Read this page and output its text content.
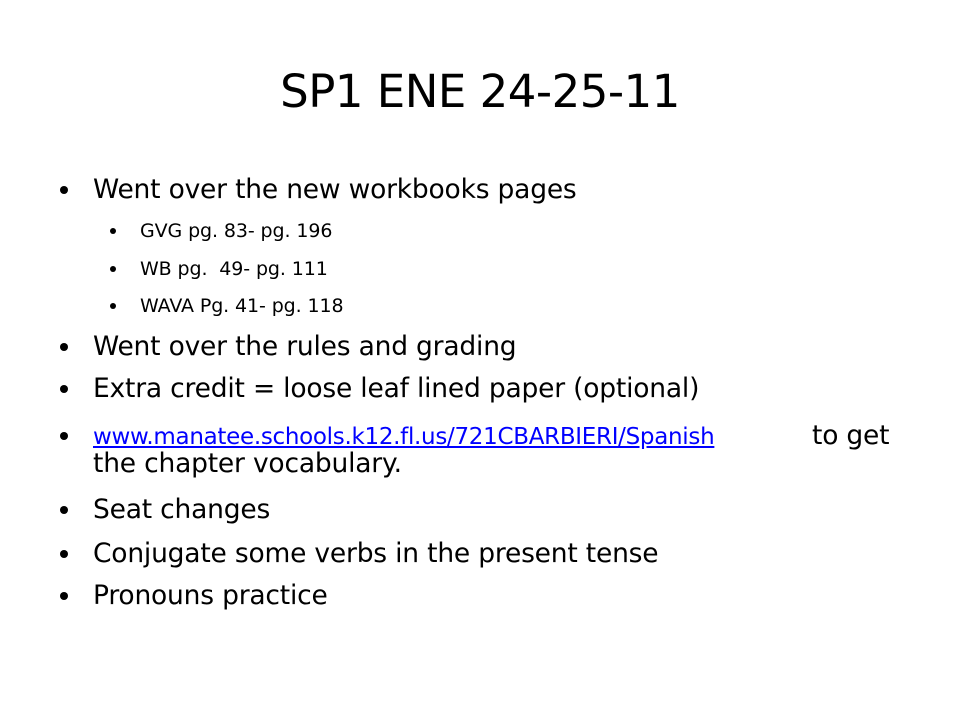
SP1 ENE 24-25-11
Went over the new workbooks pages
GVG pg. 83- pg. 196
WB pg.  49- pg. 111
WAVA Pg. 41- pg. 118
Went over the rules and grading
Extra credit = loose leaf lined paper (optional)
www.manatee.schools.k12.fl.us/721CBARBIERI/Spanish	to get
the chapter vocabulary.
Seat changes
Conjugate some verbs in the present tense
Pronouns practice
